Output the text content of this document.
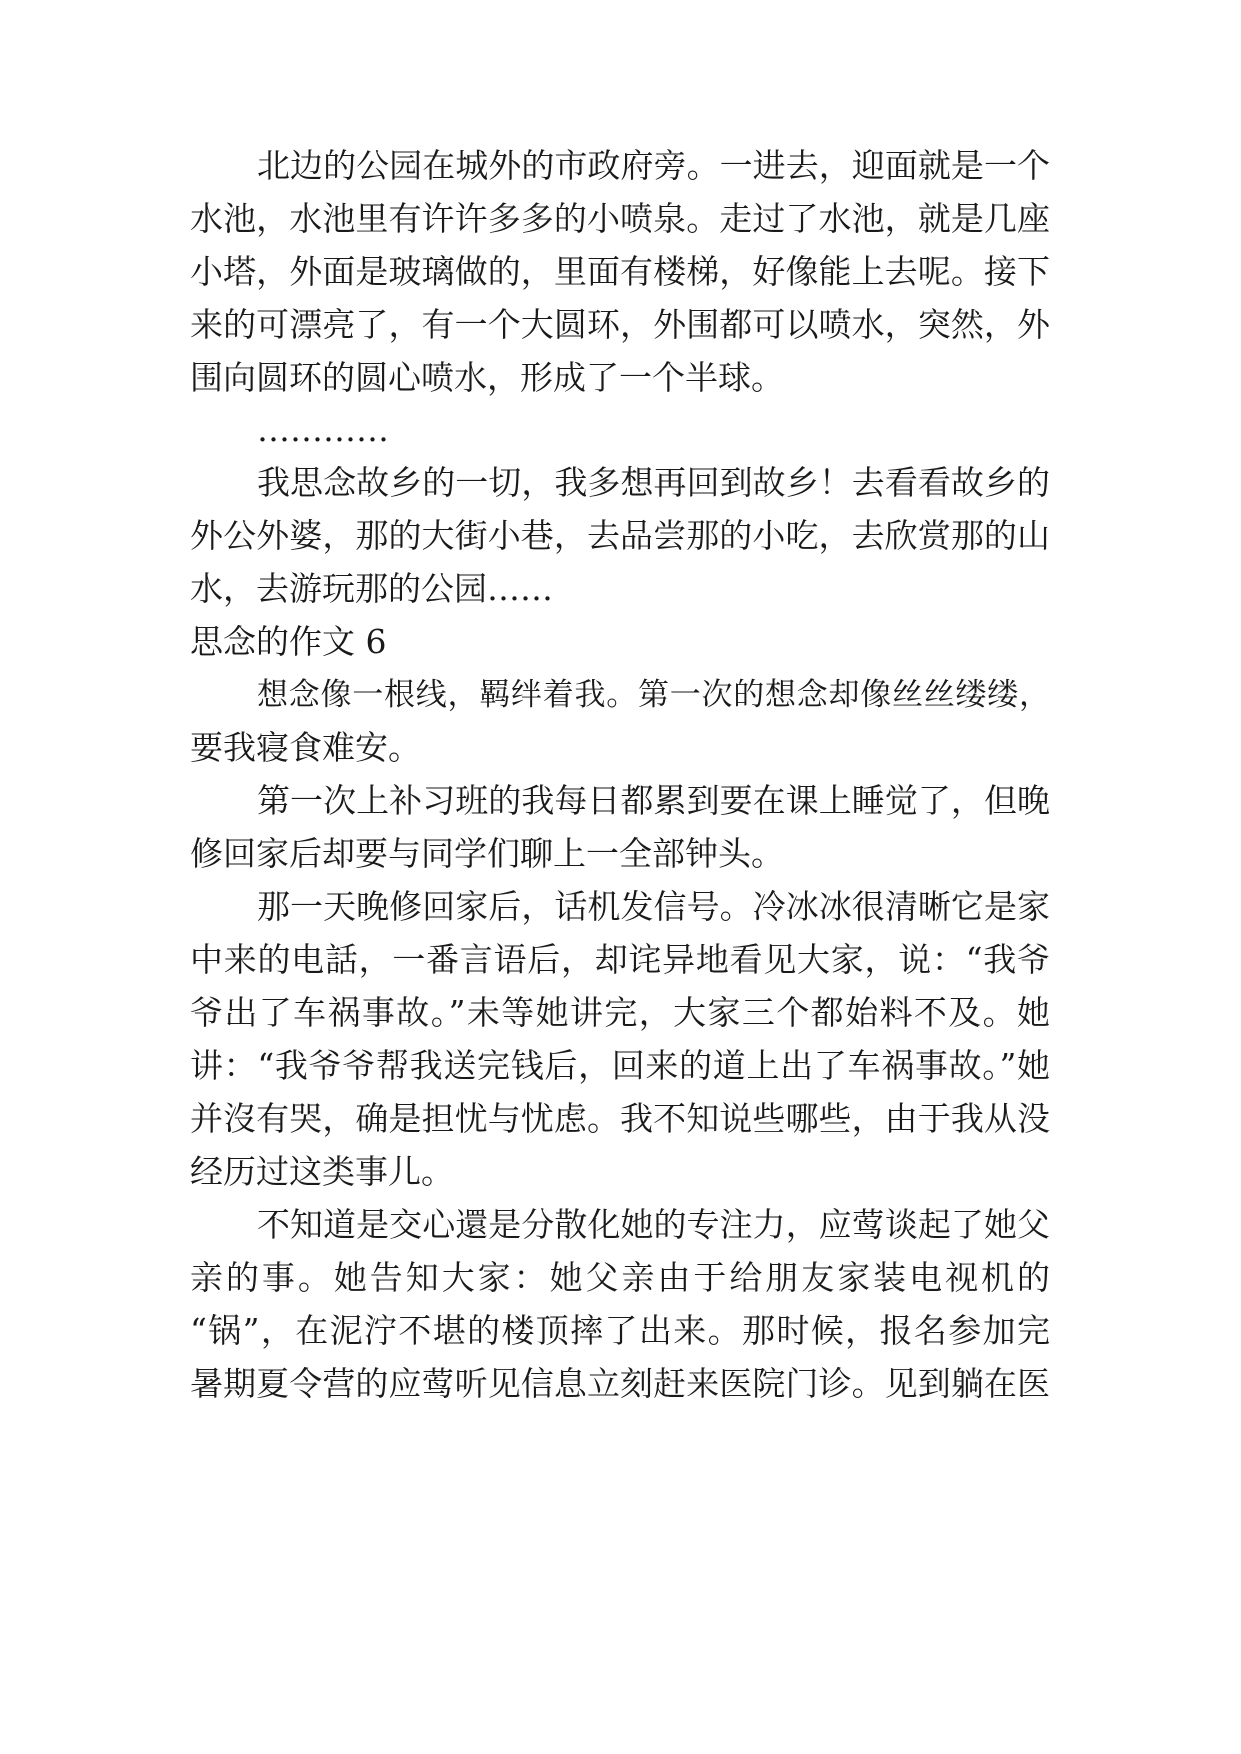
北边的公园在城外的市政府旁。一进去，迎面就是一个
水池，水池里有许许多多的小喷泉。走过了水池，就是几座
小塔，外面是玻璃做的，里面有楼梯，好像能上去呢。接下
来的可漂亮了，有一个大圆环，外围都可以喷水，突然，外
围向圆环的圆心喷水，形成了一个半球。
…………
我思念故乡的一切，我多想再回到故乡！去看看故乡的
外公外婆，那的大街小巷，去品尝那的小吃，去欣赏那的山
水，去游玩那的公园……
思念的作文 6
想念像一根线，羁绊着我。第一次的想念却像丝丝缕缕，
要我寝食难安。
第一次上补习班的我每日都累到要在课上睡觉了，但晚
修回家后却要与同学们聊上一全部钟头。
那一天晚修回家后，话机发信号。冷冰冰很清晰它是家
中来的电話，一番言语后，却诧异地看见大家，说：“我爷
爷出了车祸事故。”未等她讲完，大家三个都始料不及。她
讲：“我爷爷帮我送完钱后，回来的道上出了车祸事故。”她
并沒有哭，确是担忧与忧虑。我不知说些哪些，由于我从没
经历过这类事儿。
不知道是交心還是分散化她的专注力，应莺谈起了她父
亲的事。她告知大家：她父亲由于给朋友家装电视机的
“锅”，在泥泞不堪的楼顶摔了出来。那时候，报名参加完
暑期夏令营的应莺听见信息立刻赶来医院门诊。见到躺在医
